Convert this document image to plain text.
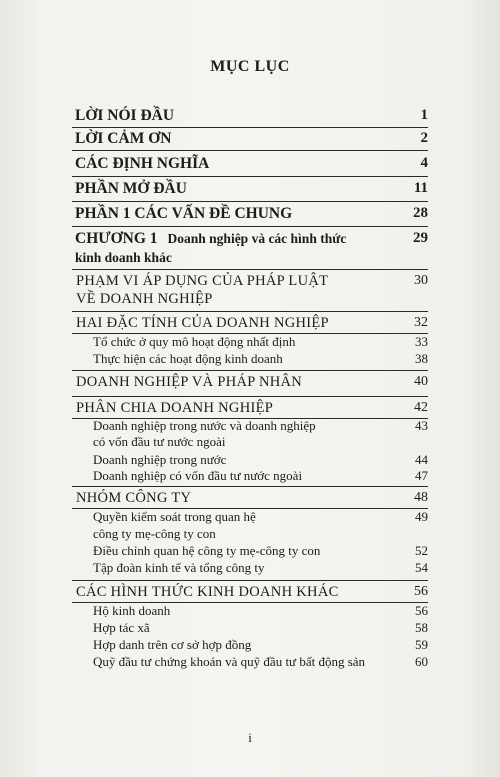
MỤC LỤC
LỜI NÓI ĐẦU	1
LỜI CẢM ƠN	2
CÁC ĐỊNH NGHĨA	4
PHẦN MỞ ĐẦU	11
PHẦN 1 CÁC VẤN ĐỀ CHUNG	28
CHƯƠNG 1 Doanh nghiệp và các hình thức	29
kinh doanh khác
PHẠM VI ÁP DỤNG CỦA PHÁP LUẬT	30
VỀ DOANH NGHIỆP
HAI ĐẶC TÍNH CỦA DOANH NGHIỆP	32
Tổ chức ở quy mô hoạt động nhất định	33
Thực hiện các hoạt động kinh doanh	38
DOANH NGHIỆP VÀ PHÁP NHÂN	40
PHÂN CHIA DOANH NGHIỆP	42
Doanh nghiệp trong nước và doanh nghiệp	43
có vốn đầu tư nước ngoài
Doanh nghiệp trong nước	44
Doanh nghiệp có vốn đầu tư nước ngoài	47
NHÓM CÔNG TY	48
Quyền kiểm soát trong quan hệ	49
công ty mẹ-công ty con
Điều chỉnh quan hệ công ty mẹ-công ty con	52
Tập đoàn kinh tế và tổng công ty	54
CÁC HÌNH THỨC KINH DOANH KHÁC	56
Hộ kinh doanh	56
Hợp tác xã	58
Hợp danh trên cơ sở hợp đồng	59
Quỹ đầu tư chứng khoán và quỹ đầu tư bất động sản	60
i
